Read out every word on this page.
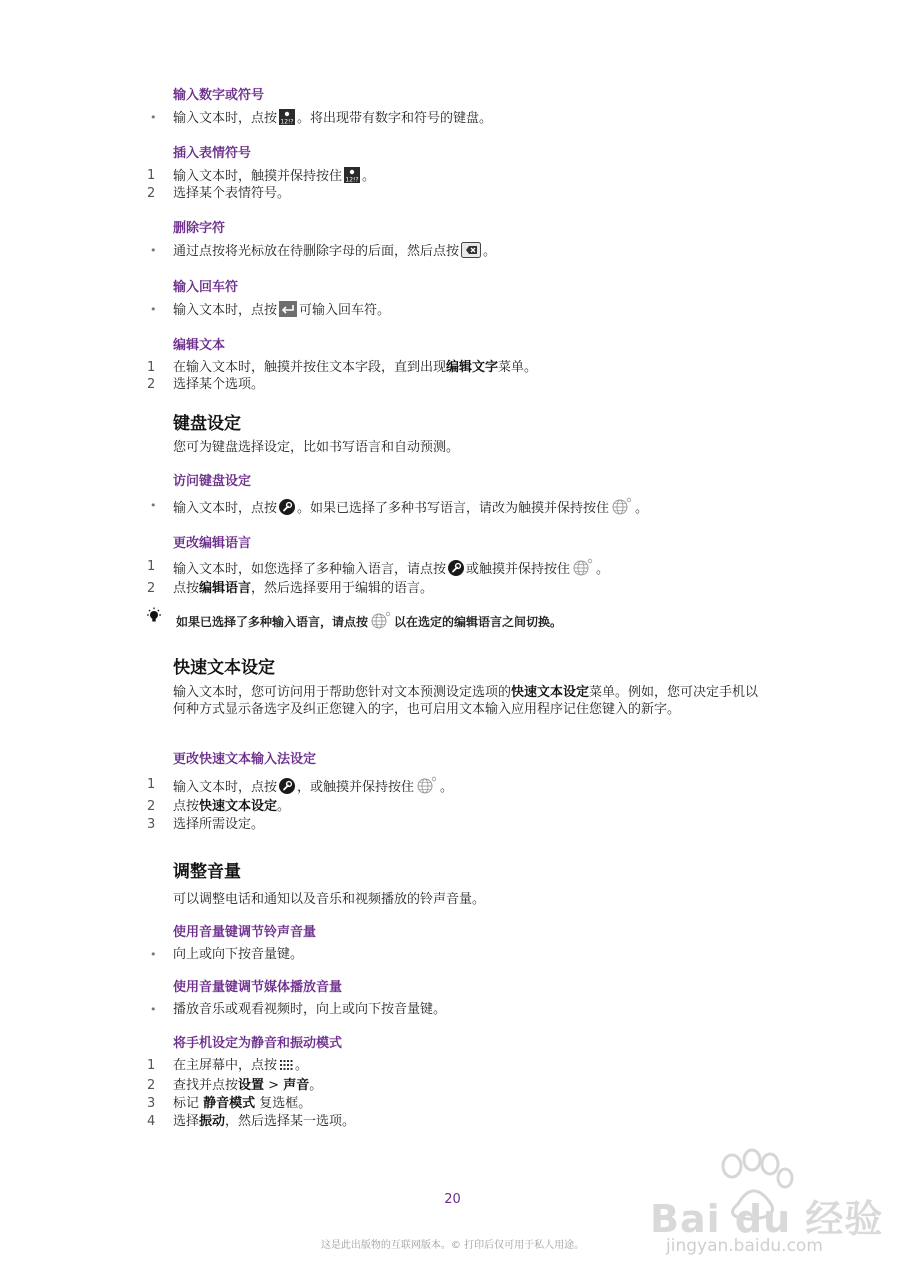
输入数字或符号
• 输入文本时，点按 12!? 。将出现带有数字和符号的键盘。
插入表情符号
1	输入文本时，触摸并保持按住 12!? 。
2	选择某个表情符号。
删除字符
• 通过点按将光标放在待删除字母的后面，然后点按 。
输入回车符
• 输入文本时，点按 可输入回车符。
编辑文本
1	在输入文本时，触摸并按住文本字段，直到出现编辑文字菜单。
2	选择某个选项。
键盘设定
您可为键盘选择设定，比如书写语言和自动预测。
访问键盘设定
• 输入文本时，点按 。如果已选择了多种书写语言，请改为触摸并保持按住 。
更改编辑语言
1	输入文本时，如您选择了多种输入语言，请点按 或触摸并保持按住 。
2	点按编辑语言，然后选择要用于编辑的语言。
如果已选择了多种输入语言，请点按 以在选定的编辑语言之间切换。
快速文本设定
输入文本时，您可访问用于帮助您针对文本预测设定选项的快速文本设定菜单。例如，您可决定手机以何种方式显示备选字及纠正您键入的字，也可启用文本输入应用程序记住您键入的新字。
更改快速文本输入法设定
1	输入文本时，点按 ，或触摸并保持按住 。
2	点按快速文本设定。
3	选择所需设定。
调整音量
可以调整电话和通知以及音乐和视频播放的铃声音量。
使用音量键调节铃声音量
• 向上或向下按音量键。
使用音量键调节媒体播放音量
• 播放音乐或观看视频时，向上或向下按音量键。
将手机设定为静音和振动模式
1	在主屏幕中，点按 。
2	查找并点按设置 > 声音。
3	标记 静音模式 复选框。
4	选择振动，然后选择某一选项。
20	Bai du 经验
jingyan.baidu.com
这是此出版物的互联网版本。© 打印后仅可用于私人用途。
